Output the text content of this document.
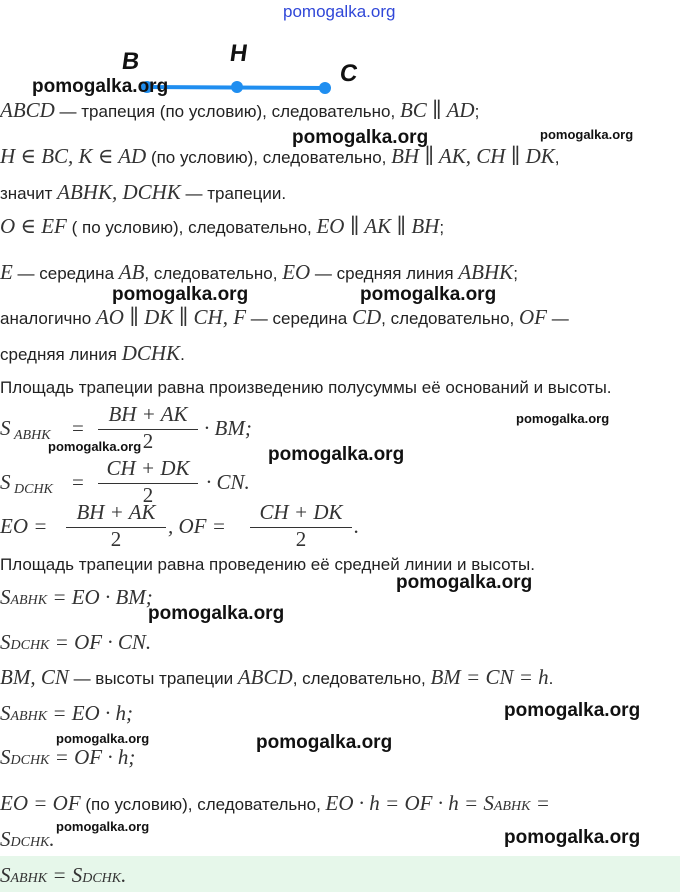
pomogalka.org
B	H
C
ABCD — трапеция (по условию), следовательно, BC ∥ AD;
H ∈ BC, K ∈ AD (по условию), следовательно, BH ∥ AK, CH ∥ DK,
значит ABHK, DCHK — трапеции.
O ∈ EF ( по условию), следовательно, EO ∥ AK ∥ BH;
E — середина AB, следовательно, EO — средняя линия ABHK;
аналогично AO ∥ DK ∥ CH, F — середина CD, следовательно, OF —
средняя линия DCHK.
Площадь трапеции равна произведению полусуммы её оснований и высоты.
S ABHK =
BH + AK
2
· BM;
S DCHK =
CH + DK
2
· CN.
EO =
BH + AK
2
, OF =
CH + DK
2
.
Площадь трапеции равна проведению её средней линии и высоты.
SABHK = EO · BM;
SDCHK = OF · CN.
BM, CN — высоты трапеции ABCD, следовательно, BM = CN = h.
SABHK = EO · h;
SDCHK = OF · h;
EO = OF (по условию), следовательно, EO · h = OF · h = SABHK =
SDCHK.
SABHK = SDCHK.
pomogalka.org
pomogalka.org	pomogalka.org
pomogalka.org	pomogalka.org
pomogalka.org
pomogalka.org	pomogalka.org
pomogalka.org
pomogalka.org
pomogalka.org
pomogalka.org	pomogalka.org
pomogalka.org
pomogalka.org
